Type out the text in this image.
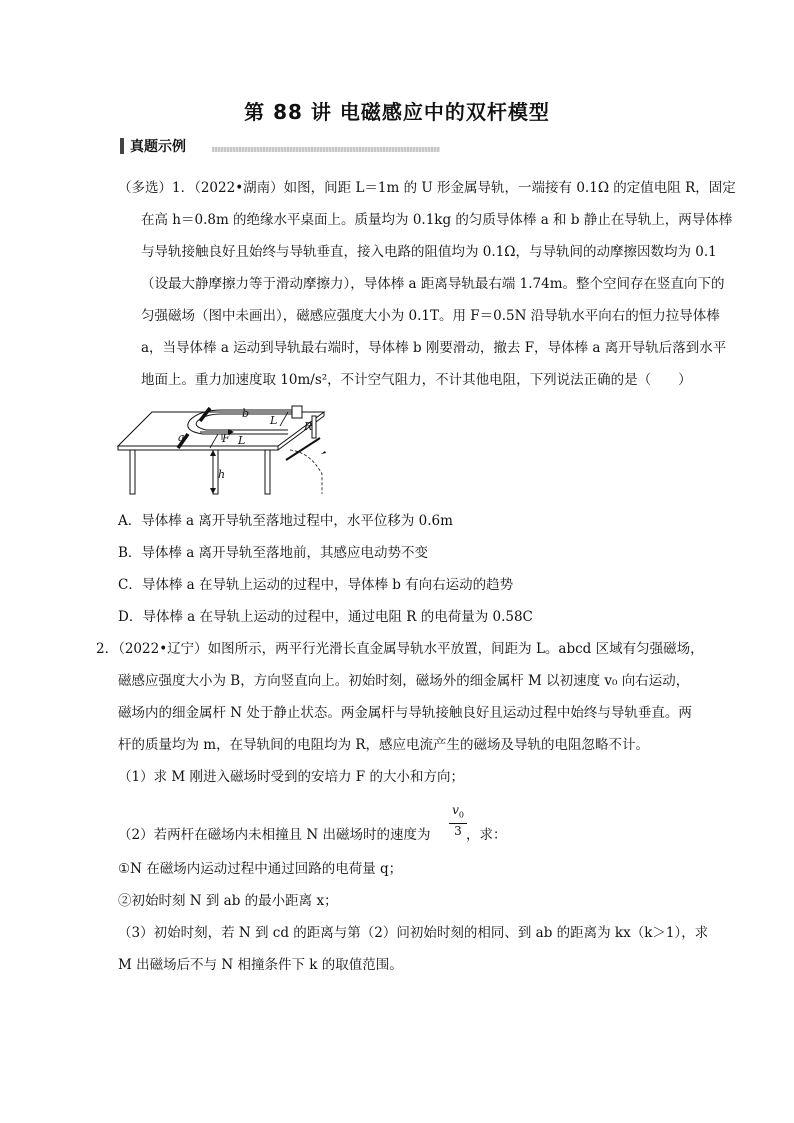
第 88 讲 电磁感应中的双杆模型
真题示例
（多选）1．（2022•湖南）如图，间距 L＝1m 的 U 形金属导轨，一端接有 0.1Ω 的定值电阻 R，固定
在高 h＝0.8m 的绝缘水平桌面上。质量均为 0.1kg 的匀质导体棒 a 和 b 静止在导轨上，两导体棒
与导轨接触良好且始终与导轨垂直，接入电路的阻值均为 0.1Ω，与导轨间的动摩擦因数均为 0.1
（设最大静摩擦力等于滑动摩擦力），导体棒 a 距离导轨最右端 1.74m。整个空间存在竖直向下的
匀强磁场（图中未画出），磁感应强度大小为 0.1T。用 F＝0.5N 沿导轨水平向右的恒力拉导体棒
a，当导体棒 a 运动到导轨最右端时，导体棒 b 刚要滑动，撤去 F，导体棒 a 离开导轨后落到水平
地面上。重力加速度取 10m/s²，不计空气阻力，不计其他电阻，下列说法正确的是（　　）
b
a	F L
L R
h
A．导体棒 a 离开导轨至落地过程中，水平位移为 0.6m
B．导体棒 a 离开导轨至落地前，其感应电动势不变
C．导体棒 a 在导轨上运动的过程中，导体棒 b 有向右运动的趋势
D．导体棒 a 在导轨上运动的过程中，通过电阻 R 的电荷量为 0.58C
2．（2022•辽宁）如图所示，两平行光滑长直金属导轨水平放置，间距为 L。abcd 区域有匀强磁场，
磁感应强度大小为 B，方向竖直向上。初始时刻，磁场外的细金属杆 M 以初速度 v₀ 向右运动，
磁场内的细金属杆 N 处于静止状态。两金属杆与导轨接触良好且运动过程中始终与导轨垂直。两
杆的质量均为 m，在导轨间的电阻均为 R，感应电流产生的磁场及导轨的电阻忽略不计。
（1）求 M 刚进入磁场时受到的安培力 F 的大小和方向；
（2）若两杆在磁场内未相撞且 N 出磁场时的速度为 $\frac{v_0}{3}$ ，求：
①N 在磁场内运动过程中通过回路的电荷量 q；
②初始时刻 N 到 ab 的最小距离 x；
（3）初始时刻，若 N 到 cd 的距离与第（2）问初始时刻的相同、到 ab 的距离为 kx（k＞1），求
M 出磁场后不与 N 相撞条件下 k 的取值范围。
